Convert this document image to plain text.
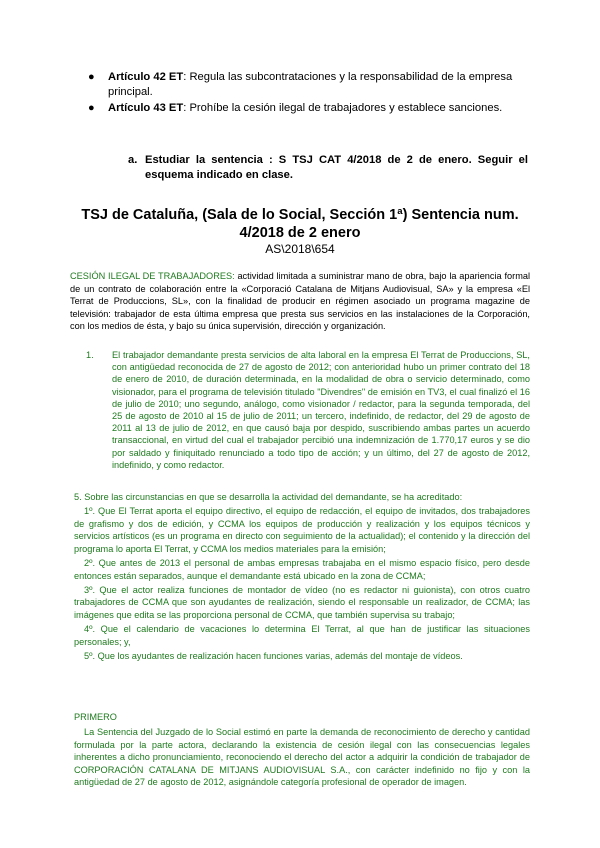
● Artículo 42 ET: Regula las subcontrataciones y la responsabilidad de la empresa principal.
● Artículo 43 ET: Prohíbe la cesión ilegal de trabajadores y establece sanciones.
a. Estudiar la sentencia : S TSJ CAT 4/2018 de 2 de enero. Seguir el esquema indicado en clase.
TSJ de Cataluña, (Sala de lo Social, Sección 1ª) Sentencia num. 4/2018 de 2 enero
AS\2018\654
CESIÓN ILEGAL DE TRABAJADORES: actividad limitada a suministrar mano de obra, bajo la apariencia formal de un contrato de colaboración entre la «Corporació Catalana de Mitjans Audiovisual, SA» y la empresa «El Terrat de Produccions, SL», con la finalidad de producir en régimen asociado un programa magazine de televisión: trabajador de esta última empresa que presta sus servicios en las instalaciones de la Corporación, con los medios de ésta, y bajo su única supervisión, dirección y organización.
1. El trabajador demandante presta servicios de alta laboral en la empresa El Terrat de Produccions, SL, con antigüedad reconocida de 27 de agosto de 2012; con anterioridad hubo un primer contrato del 18 de enero de 2010, de duración determinada, en la modalidad de obra o servicio determinado, como visionador, para el programa de televisión titulado "Divendres" de emisión en TV3, el cual finalizó el 16 de julio de 2010; uno segundo, análogo, como visionador / redactor, para la segunda temporada, del 25 de agosto de 2010 al 15 de julio de 2011; un tercero, indefinido, de redactor, del 29 de agosto de 2011 al 13 de julio de 2012, en que causó baja por despido, suscribiendo ambas partes un acuerdo transaccional, en virtud del cual el trabajador percibió una indemnización de 1.770,17 euros y se dio por saldado y finiquitado renunciado a todo tipo de acción; y un último, del 27 de agosto de 2012, indefinido, y como redactor.

5. Sobre las circunstancias en que se desarrolla la actividad del demandante, se ha acreditado:

1º. Que El Terrat aporta el equipo directivo, el equipo de redacción, el equipo de invitados, dos trabajadores de grafismo y dos de edición, y CCMA los equipos de producción y realización y los equipos técnicos y servicios artísticos (es un programa en directo con seguimiento de la actualidad); el contenido y la dirección del programa lo aporta El Terrat, y CCMA los medios materiales para la emisión;

2º. Que antes de 2013 el personal de ambas empresas trabajaba en el mismo espacio físico, pero desde entonces están separados, aunque el demandante está ubicado en la zona de CCMA;

3º. Que el actor realiza funciones de montador de vídeo (no es redactor ni guionista), con otros cuatro trabajadores de CCMA que son ayudantes de realización, siendo el responsable un realizador, de CCMA; las imágenes que edita se las proporciona personal de CCMA, que también supervisa su trabajo;

4º. Que el calendario de vacaciones lo determina El Terrat, al que han de justificar las situaciones personales; y,

5º. Que los ayudantes de realización hacen funciones varias, además del montaje de vídeos.

PRIMERO

La Sentencia del Juzgado de lo Social estimó en parte la demanda de reconocimiento de derecho y cantidad formulada por la parte actora, declarando la existencia de cesión ilegal con las consecuencias legales inherentes a dicho pronunciamiento, reconociendo el derecho del actor a adquirir la condición de trabajador de CORPORACIÓN CATALANA DE MITJANS AUDIOVISUAL S.A., con carácter indefinido no fijo y con la antigüedad de 27 de agosto de 2012, asignándole categoría profesional de operador de imagen.
